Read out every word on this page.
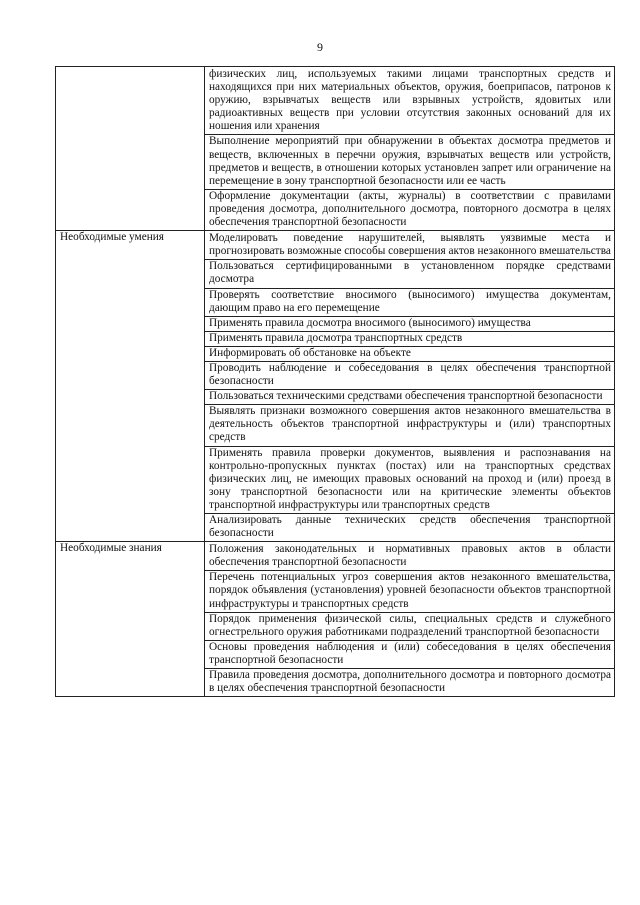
9
	физических лиц, используемых такими лицами транспортных средств и находящихся при них материальных объектов, оружия, боеприпасов, патронов к оружию, взрывчатых веществ или взрывных устройств, ядовитых или радиоактивных веществ при условии отсутствия законных оснований для их ношения или хранения
	Выполнение мероприятий при обнаружении в объектах досмотра предметов и веществ, включенных в перечни оружия, взрывчатых веществ или устройств, предметов и веществ, в отношении которых установлен запрет или ограничение на перемещение в зону транспортной безопасности или ее часть
	Оформление документации (акты, журналы) в соответствии с правилами проведения досмотра, дополнительного досмотра, повторного досмотра в целях обеспечения транспортной безопасности
Необходимые умения	Моделировать поведение нарушителей, выявлять уязвимые места и прогнозировать возможные способы совершения актов незаконного вмешательства
	Пользоваться сертифицированными в установленном порядке средствами досмотра
	Проверять соответствие вносимого (выносимого) имущества документам, дающим право на его перемещение
	Применять правила досмотра вносимого (выносимого) имущества
	Применять правила досмотра транспортных средств
	Информировать об обстановке на объекте
	Проводить наблюдение и собеседования в целях обеспечения транспортной безопасности
	Пользоваться техническими средствами обеспечения транспортной безопасности
	Выявлять признаки возможного совершения актов незаконного вмешательства в деятельность объектов транспортной инфраструктуры и (или) транспортных средств
	Применять правила проверки документов, выявления и распознавания на контрольно-пропускных пунктах (постах) или на транспортных средствах физических лиц, не имеющих правовых оснований на проход и (или) проезд в зону транспортной безопасности или на критические элементы объектов транспортной инфраструктуры или транспортных средств
	Анализировать данные технических средств обеспечения транспортной безопасности
Необходимые знания	Положения законодательных и нормативных правовых актов в области обеспечения транспортной безопасности
	Перечень потенциальных угроз совершения актов незаконного вмешательства, порядок объявления (установления) уровней безопасности объектов транспортной инфраструктуры и транспортных средств
	Порядок применения физической силы, специальных средств и служебного огнестрельного оружия работниками подразделений транспортной безопасности
	Основы проведения наблюдения и (или) собеседования в целях обеспечения транспортной безопасности
	Правила проведения досмотра, дополнительного досмотра и повторного досмотра в целях обеспечения транспортной безопасности
